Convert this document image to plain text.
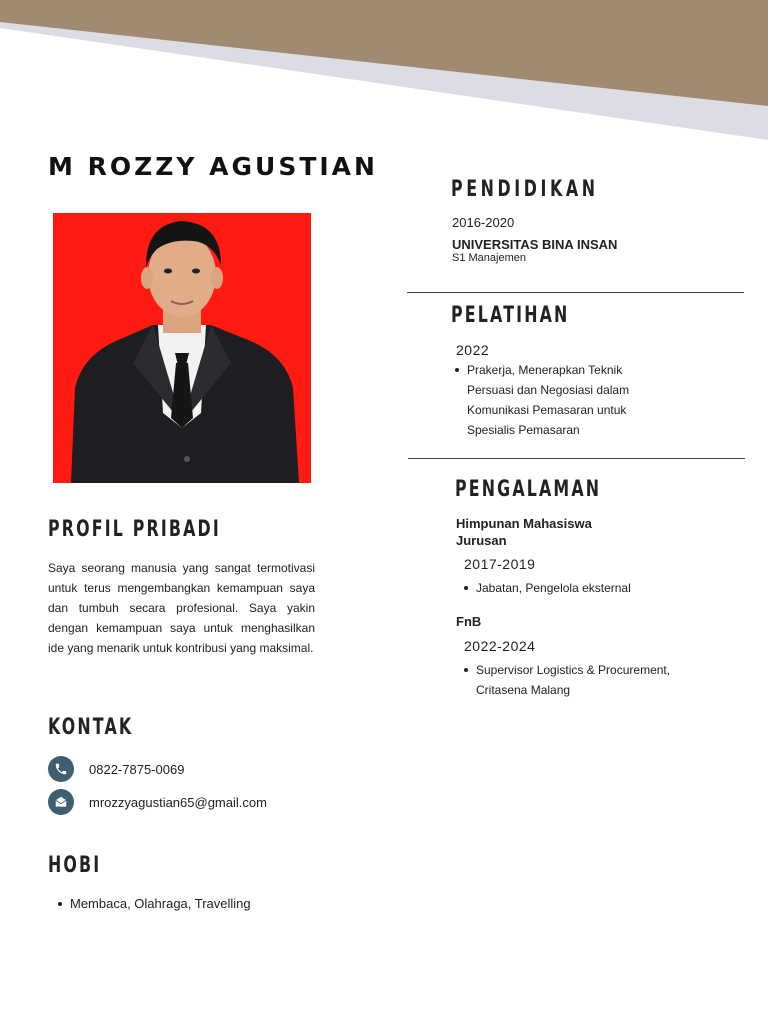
M ROZZY AGUSTIAN
PROFIL PRIBADI

Saya seorang manusia yang sangat termotivasi untuk terus mengembangkan kemampuan saya dan tumbuh secara profesional. Saya yakin dengan kemampuan saya untuk menghasilkan ide yang menarik untuk kontribusi yang maksimal.

KONTAK
0822-7875-0069
mrozzyagustian65@gmail.com
HOBI
Membaca, Olahraga, Travelling
PENDIDIKAN
2016-2020
UNIVERSITAS BINA INSAN
S1 Manajemen
PELATIHAN
2022
Prakerja, Menerapkan Teknik Persuasi dan Negosiasi dalam Komunikasi Pemasaran untuk Spesialis Pemasaran
PENGALAMAN
Himpunan Mahasiswa Jurusan
2017-2019
Jabatan, Pengelola eksternal
FnB
2022-2024
Supervisor Logistics & Procurement, Critasena Malang
